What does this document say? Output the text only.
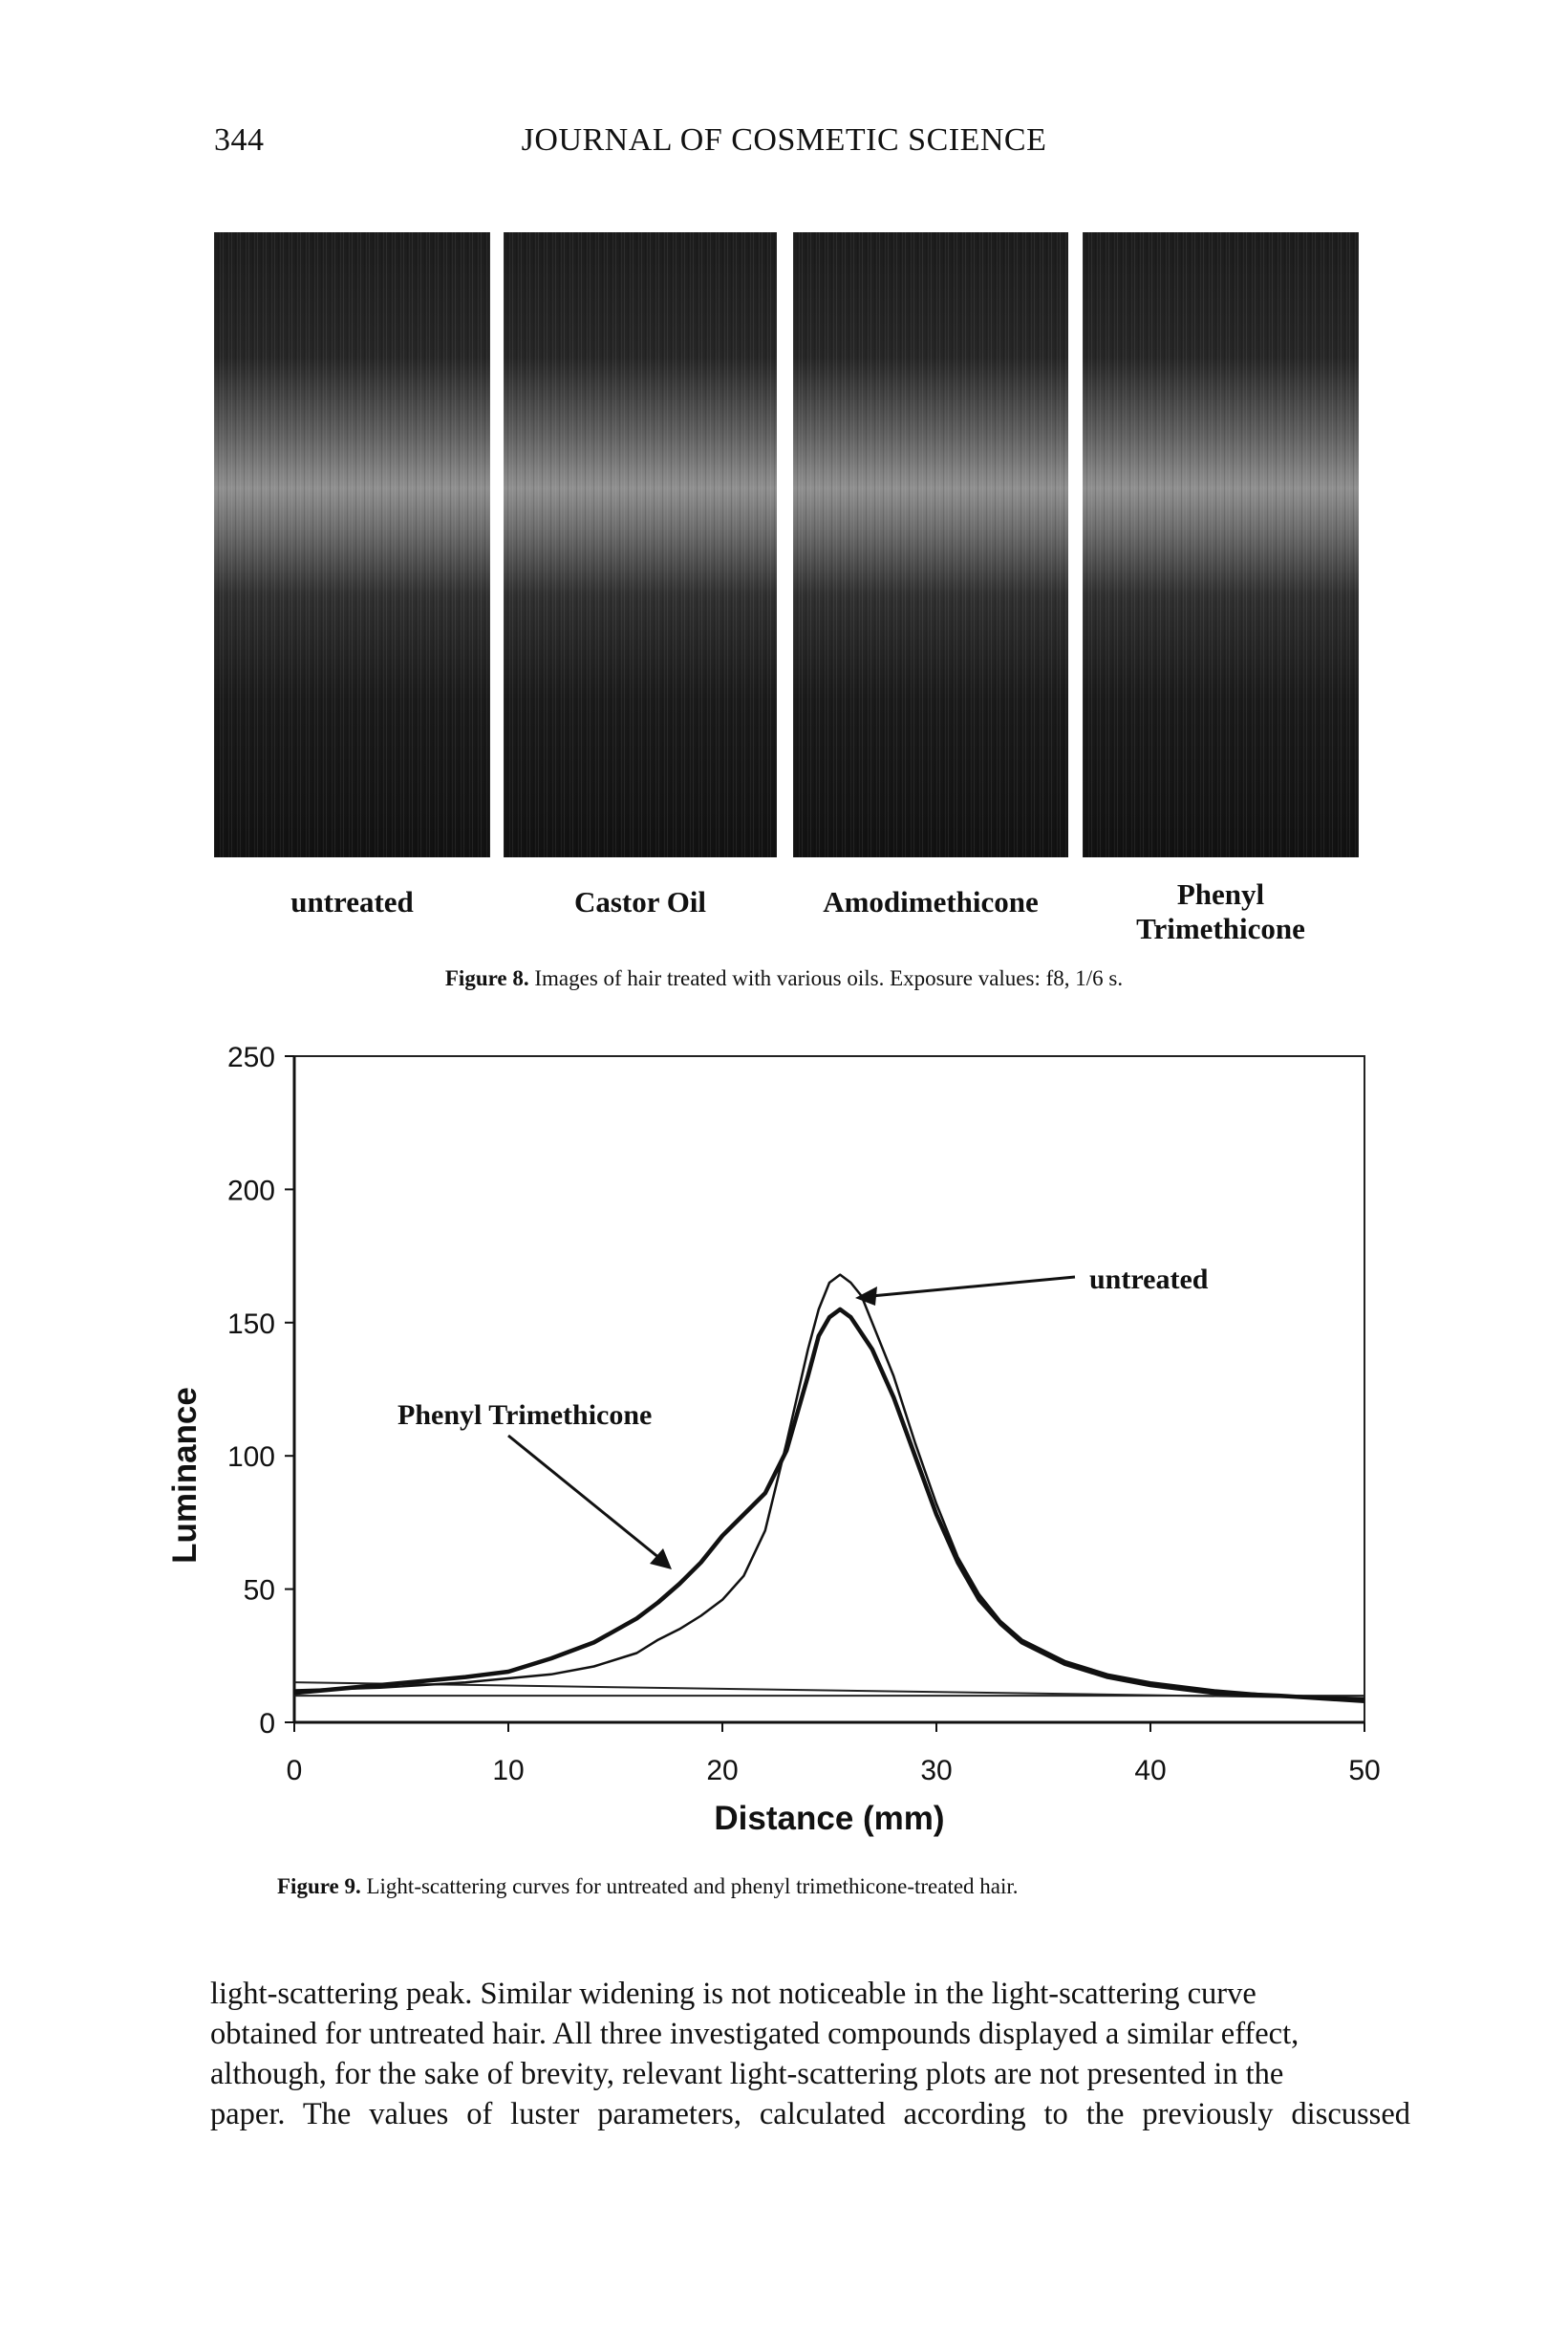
344	JOURNAL OF COSMETIC SCIENCE
untreated	Castor Oil	Amodimethicone	Phenyl
Trimethicone
Figure 8. Images of hair treated with various oils. Exposure values: f8, 1/6 s.
0
50
100
150
200
250
0	10	20	30	40	50
Distance (mm)
Luminance
untreated
Phenyl Trimethicone
Figure 9. Light-scattering curves for untreated and phenyl trimethicone-treated hair.
light-scattering peak. Similar widening is not noticeable in the light-scattering curve
obtained for untreated hair. All three investigated compounds displayed a similar effect,
although, for the sake of brevity, relevant light-scattering plots are not presented in the
paper. The values of luster parameters, calculated according to the previously discussed
